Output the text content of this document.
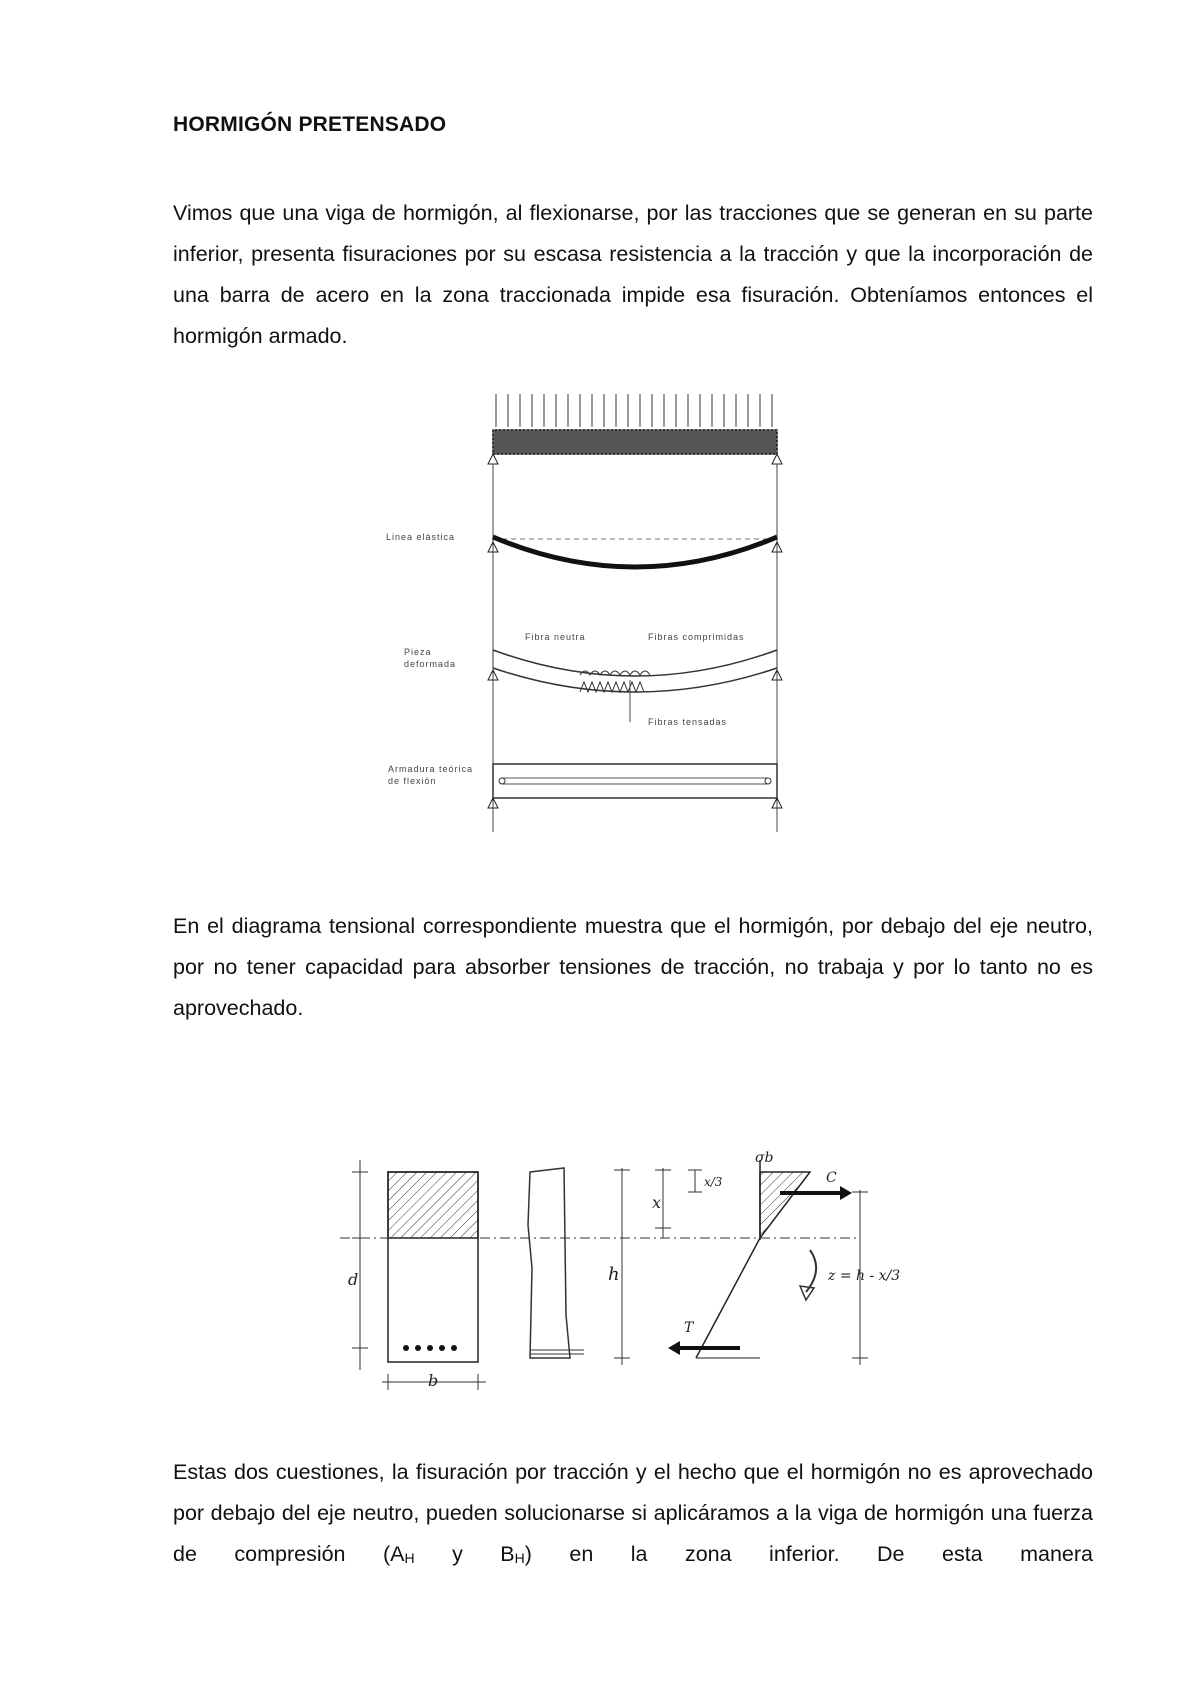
HORMIGÓN PRETENSADO
Vimos que una viga de hormigón, al flexionarse, por las tracciones que se generan en su parte inferior, presenta fisuraciones por su escasa resistencia a la tracción y que la incorporación de una barra de acero en la zona traccionada impide esa fisuración. Obteníamos entonces el hormigón armado.
Linea elástica
Fibra neutra	Fibras comprimidas
Pieza
deformada
Fibras tensadas
Armadura teórica
de flexión
En el diagrama tensional correspondiente muestra que el hormigón, por debajo del eje neutro, por no tener capacidad para absorber tensiones de tracción, no trabaja y por lo tanto no es aprovechado.
d
b
h
x
x/3
σb
C
T
z = h - x/3
Estas dos cuestiones, la fisuración por tracción y el hecho que el hormigón no es aprovechado por debajo del eje neutro, pueden solucionarse si aplicáramos a la viga de hormigón una fuerza de compresión ($A_H$ y $B_H$) en la zona inferior. De esta manera
